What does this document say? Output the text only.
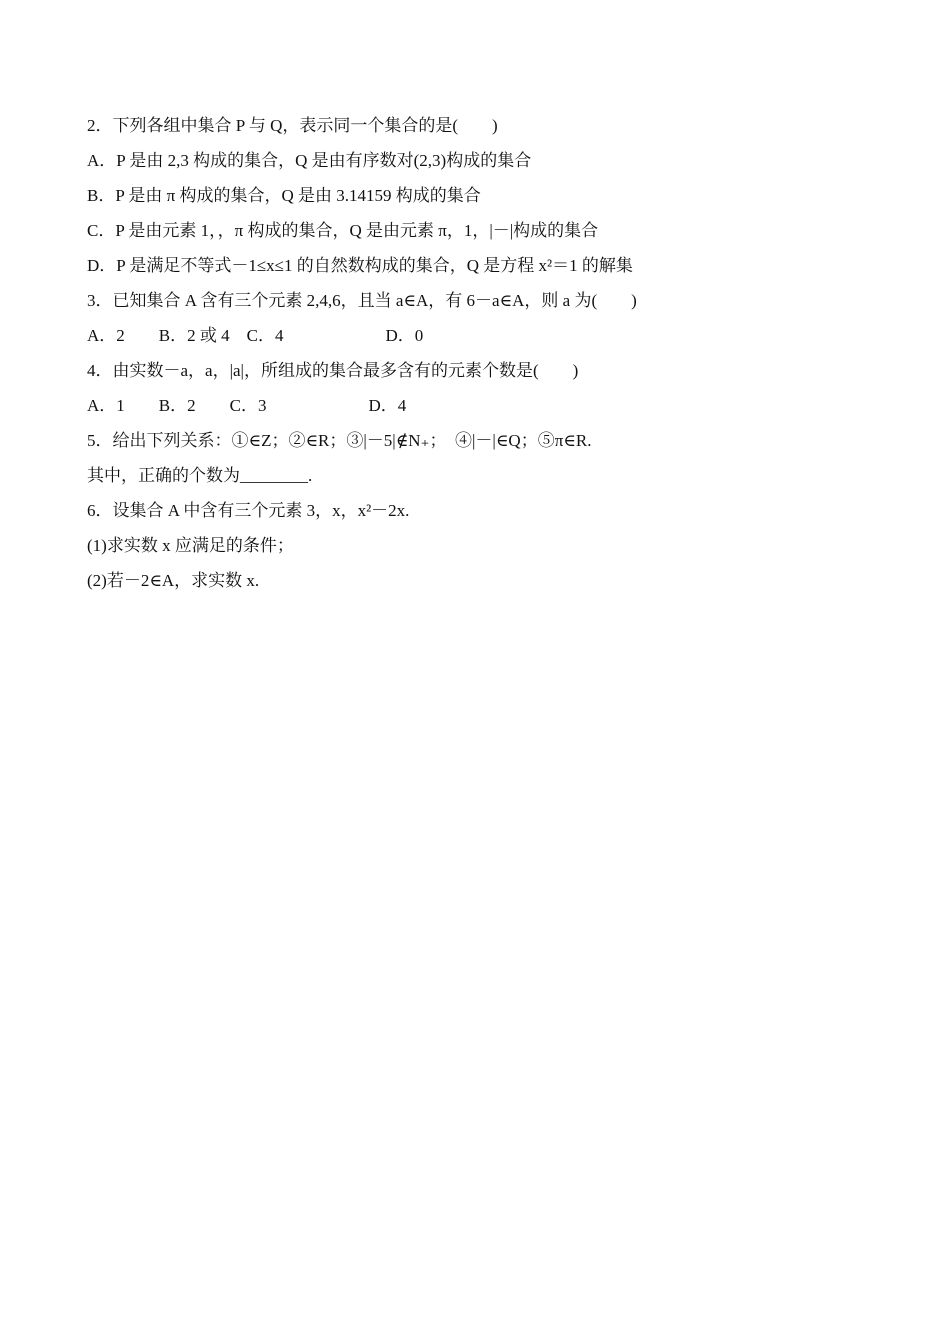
2．下列各组中集合 P 与 Q，表示同一个集合的是(　　)
A．P 是由 2,3 构成的集合，Q 是由有序数对(2,3)构成的集合
B．P 是由 π 构成的集合，Q 是由 3.14159 构成的集合
C．P 是由元素 1，，π 构成的集合，Q 是由元素 π，1，|－|构成的集合
D．P 是满足不等式－1≤x≤1 的自然数构成的集合，Q 是方程 x²＝1 的解集
3．已知集合 A 含有三个元素 2,4,6，且当 a∈A，有 6－a∈A，则 a 为(　　)
A．2　　B．2 或 4　C．4　　　　　　D．0
4．由实数－a，a，|a|，所组成的集合最多含有的元素个数是(　　)
A．1　　B．2　　C．3　　　　　　D．4
5．给出下列关系：①∈Z；②∈R；③|－5|∉N₊；　④|－|∈Q；⑤π∈R.
其中，正确的个数为________.
6．设集合 A 中含有三个元素 3，x，x²－2x.
(1)求实数 x 应满足的条件；
(2)若－2∈A，求实数 x.
